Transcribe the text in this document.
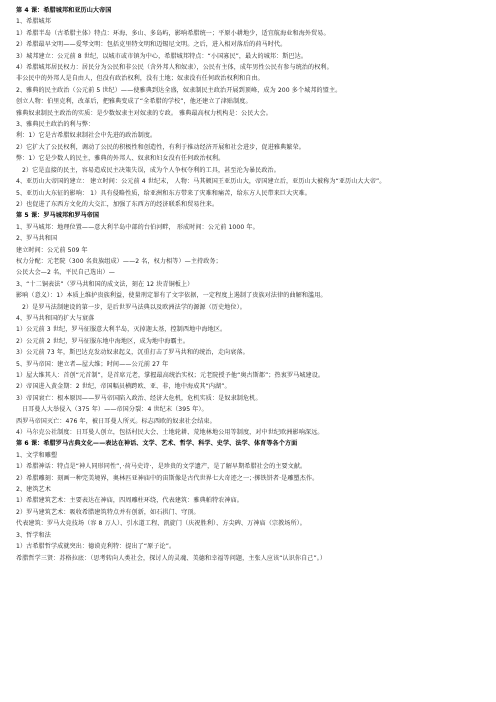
第 4 课：希腊城邦和亚历山大帝国
1、希腊城邦
1）希腊半岛（古希腊主体）特点：环海、多山、多岛屿，影响希腊统一；平原小耕地少，适宜航海业和海外贸易。
2）希腊最早文明——爱琴文明：包括克里特文明和迈锡尼文明。之后，进入相对落后的荷马时代。
3）城邦建立：公元前 8 世纪，以城市或市镇为中心，希腊城邦特点：“小国寡民”，最大的城邦：斯巴达。
4）希腊城邦居民权力：居民分为公民和非公民（含外邦人和奴隶），公民有主体，成年男性公民有参与统治的权利。
非公民中的外邦人是自由人，但没有政治权利，没有土地；奴隶没有任何政治权利和自由。
2、雅典的民主政治（公元前 5 世纪）——使雅典到达全盛，奴隶制民主政治开展到顶峰，成为 200 多个城邦的盟主。
创立人物：伯里克利，改革后，把雅典变成了“全希腊的学校”，他还建立了津贴制度。
雅典奴隶制民主政治的实质：是少数奴隶主对奴隶的专政。 雅典最高权力机构是：公民大会。
3、雅典民主政治的利与弊：
利：1）它是古希腊奴隶制社会中先进的政治制度。
2）它扩大了公民权利，调动了公民的积极性和创造性，有利于推动经济开展和社会进步，促进雅典繁荣。
弊：1）它是少数人的民主，雅典的外邦人、奴隶和妇女没有任何政治权利。
2）它是直接的民主，容易造成民主决策失误，成为个人争权夺利的工具，甚至沦为暴民政治。
4、亚历山大帝国的建立： 建立时间：公元前 4 世纪末， 人物：马其顿国王亚历山大，帝国建立后，亚历山大被称为“亚历山大大帝”。
5、亚历山大东征的影响： 1）具有侵略性质，给亚洲和东方带来了灾难和痛苦，给东方人民带来巨大灾难。
2）也促进了东西方文化的大交汇，加强了东西方的经济联系和贸易往来。
第 5 课：罗马城邦和罗马帝国
1、罗马城邦：地理位置——意大利半岛中部的台伯河畔， 形成时间：公元前 1000 年。
2、罗马共和国
建立时间：公元前 509 年
权力分配：元老院（300 名贵族组成）——2 名，权力相等）—主持政务；
公民大会—2 名，平民自己选出）—
3、“十二铜表法”（罗马共和国的成文法，刻在 12 块青铜板上）
影响（意义）：1）本质上维护贵族利益，使量刑定罪有了文字依据，一定程度上遏制了贵族对法律的曲解和滥用。
2）是罗马法制建设的第一步，是后世罗马法典以及欧洲法学的源源（历史地位）。
4、罗马共和国的扩大与衰落
1）公元前 3 世纪，罗马征服意大利半岛，灭掉迦太基，控制西地中海地区。
2）公元前 2 世纪，罗马征服东地中海地区，成为地中海霸主。
3）公元前 73 年，斯巴达克发动奴隶起义，沉重打击了罗马共和的统治，走向衰落。
5、罗马帝国：建立者—屋大维；时间——公元前 27 年
1）屋大维其人：首创“元首制”，是首席元老，掌握最高统治实权；元老院授予他“奥古斯都”；热衷罗马城建设。
2）帝国进入黄金期：2 世纪，帝国幅员横跨欧、亚、非，地中海成其“内湖”。
3）帝国衰亡：根本原因——罗马帝国陷入政治、经济大危机，危机实质：是奴隶制危机。
日耳曼人大举侵入（375 年）——帝国分裂：4 世纪末（395 年）。
西罗马帝国灭亡：476 年，被日耳曼人所灭。标志西欧的奴隶社会结束。
4）马尔克公社制度：日耳曼人创立，包括村民大会、土地轮耕、荒地林地公用等制度，对中世纪欧洲影响深远。
第 6 课：希腊罗马古典文化——表达在神话、文学、艺术、哲学、科学、史学、法学、体育等各个方面
1、文学和雕塑
1）希腊神话：特点是“神人同形同性”，·荷马史诗·，是珍贵的文学遗产，是了解早期希腊社会的主要文献。
2）希腊雕刻：刻画一种完美境界，奥林匹亚神庙中的宙斯像是古代世界七大奇迹之一；·掷铁饼者·是雕塑杰作。
2、建筑艺术
1）希腊建筑艺术：主要表达在神庙，四周雕柱环绕，代表建筑：雅典帕特农神庙。
2）罗马建筑艺术：吸收希腊建筑特点并有创新，如石拱门、穹顶。
代表建筑：罗马大竞技场（容 8 万人）、引水道工程、凯旋门（庆祝胜利）、方尖碑、万神庙（宗教场所）。
3、哲学和法
1）古希腊哲学成就突出：德谟克利特：提出了“原子论”。
希腊哲学三贤：苏格拉底：（思考转向人类社会，探讨人的灵魂、美德和幸福等问题，主张人应该“认识你自己”。）
